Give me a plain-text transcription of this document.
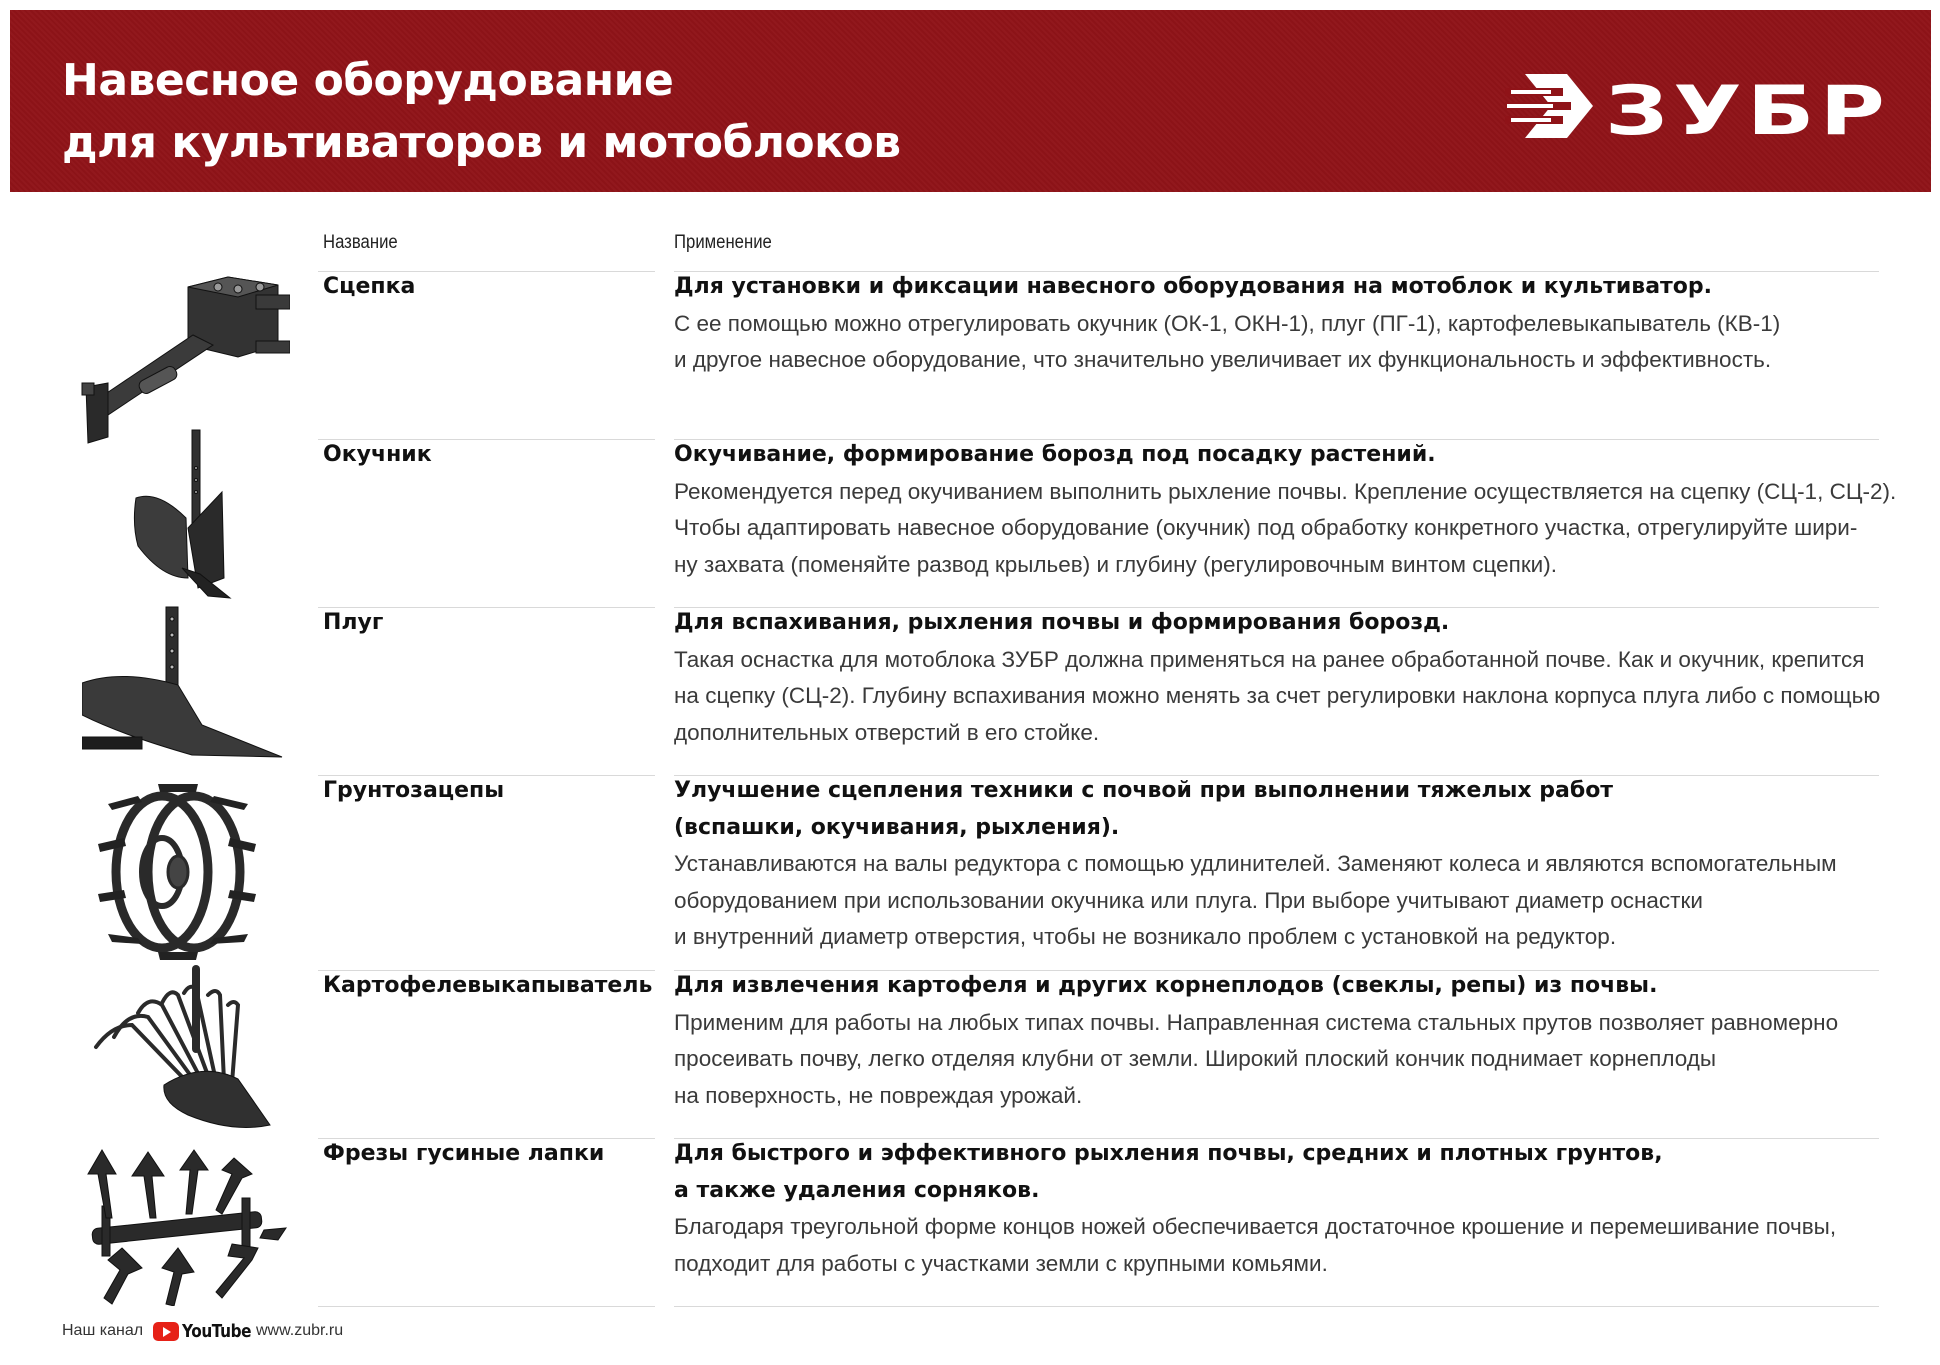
Навесное оборудование
для культиваторов и мотоблоков	ЗУБР
Название	Применение
Сцепка	Для установки и фиксации навесного оборудования на мотоблок и культиватор.
С ее помощью можно отрегулировать окучник (ОК-1, ОКН-1), плуг (ПГ-1), картофелевыкапыватель (КВ-1)
и другое навесное оборудование, что значительно увеличивает их функциональность и эффективность.
Окучник	Окучивание, формирование борозд под посадку растений.
Рекомендуется перед окучиванием выполнить рыхление почвы. Крепление осуществляется на сцепку (СЦ-1, СЦ-2).
Чтобы адаптировать навесное оборудование (окучник) под обработку конкретного участка, отрегулируйте шири-
ну захвата (поменяйте развод крыльев) и глубину (регулировочным винтом сцепки).
Плуг	Для вспахивания, рыхления почвы и формирования борозд.
Такая оснастка для мотоблока ЗУБР должна применяться на ранее обработанной почве. Как и окучник, крепится
на сцепку (СЦ-2). Глубину вспахивания можно менять за счет регулировки наклона корпуса плуга либо с помощью
дополнительных отверстий в его стойке.
Грунтозацепы	Улучшение сцепления техники с почвой при выполнении тяжелых работ
(вспашки, окучивания, рыхления).
Устанавливаются на валы редуктора с помощью удлинителей. Заменяют колеса и являются вспомогательным
оборудованием при использовании окучника или плуга. При выборе учитывают диаметр оснастки
и внутренний диаметр отверстия, чтобы не возникало проблем с установкой на редуктор.
Картофелевыкапыватель Для извлечения картофеля и других корнеплодов (свеклы, репы) из почвы.
Применим для работы на любых типах почвы. Направленная система стальных прутов позволяет равномерно
просеивать почву, легко отделяя клубни от земли. Широкий плоский кончик поднимает корнеплоды
на поверхность, не повреждая урожай.
Фрезы гусиные лапки	Для быстрого и эффективного рыхления почвы, средних и плотных грунтов,
а также удаления сорняков.
Благодаря треугольной форме концов ножей обеспечивается достаточное крошение и перемешивание почвы,
подходит для работы с участками земли с крупными комьями.
Наш канал YouTube www.zubr.ru
